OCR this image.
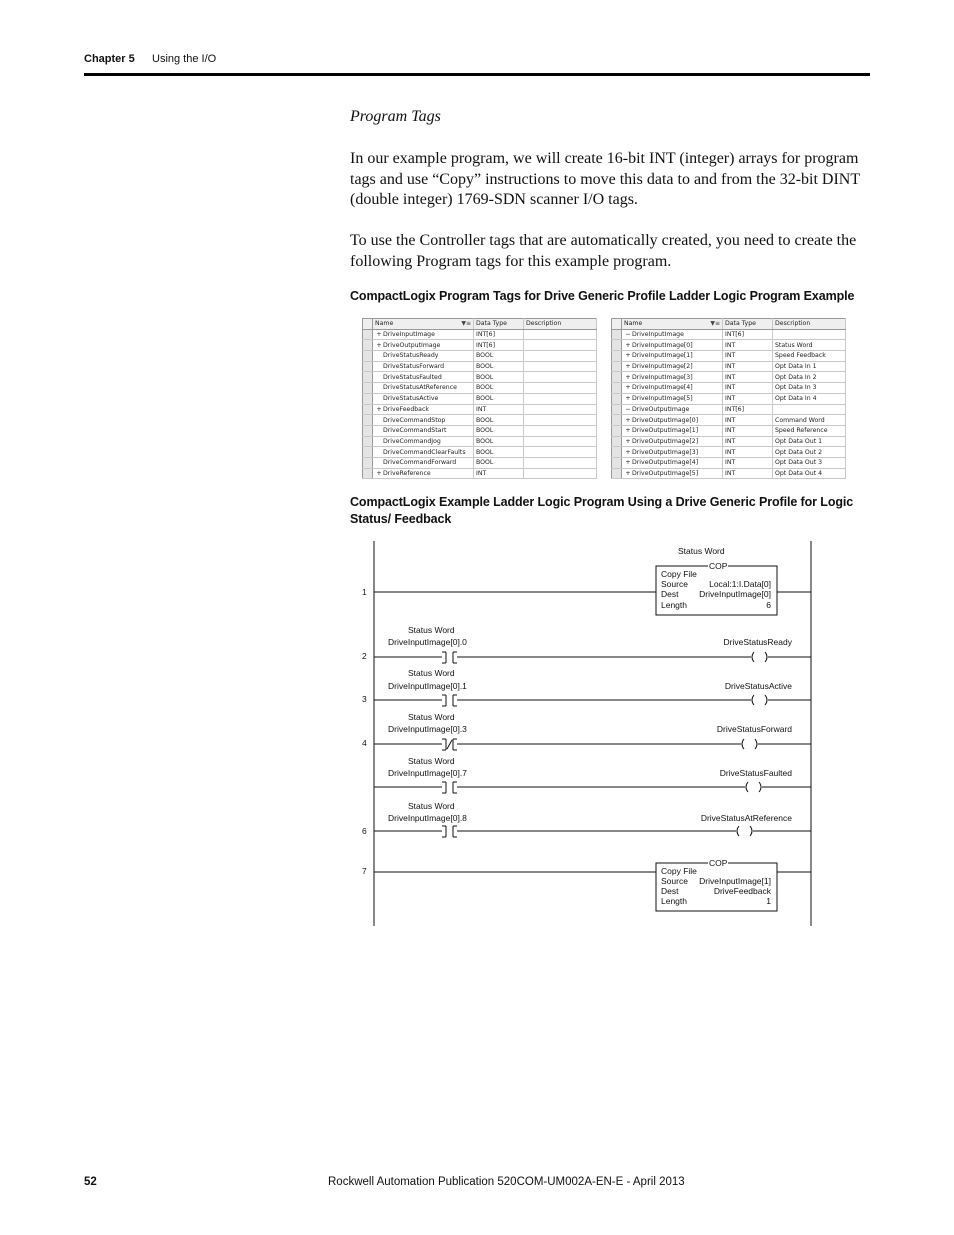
Chapter 5 Using the I/O
Program Tags

In our example program, we will create 16-bit INT (integer) arrays for program tags and use “Copy” instructions to move this data to and from the 32-bit DINT (double integer) 1769-SDN scanner I/O tags.

To use the Controller tags that are automatically created, you need to create the following Program tags for this example program.

CompactLogix Program Tags for Drive Generic Profile Ladder Logic Program Example

	Name ▼≡	Data Type	Description
	+DriveInputImage	INT[6]	
	+DriveOutputImage	INT[6]	
	DriveStatusReady	BOOL	
	DriveStatusForward	BOOL	
	DriveStatusFaulted	BOOL	
	DriveStatusAtReference	BOOL	
	DriveStatusActive	BOOL	
	+DriveFeedback	INT	
	DriveCommandStop	BOOL	
	DriveCommandStart	BOOL	
	DriveCommandJog	BOOL	
	DriveCommandClearFaults	BOOL	
	DriveCommandForward	BOOL	
	+DriveReference	INT	
	Name ▼≡	Data Type	Description
	−DriveInputImage	INT[6]	
	+DriveInputImage[0]	INT	Status Word
	+DriveInputImage[1]	INT	Speed Feedback
	+DriveInputImage[2]	INT	Opt Data In 1
	+DriveInputImage[3]	INT	Opt Data In 2
	+DriveInputImage[4]	INT	Opt Data In 3
	+DriveInputImage[5]	INT	Opt Data In 4
	−DriveOutputImage	INT[6]	
	+DriveOutputImage[0]	INT	Command Word
	+DriveOutputImage[1]	INT	Speed Reference
	+DriveOutputImage[2]	INT	Opt Data Out 1
	+DriveOutputImage[3]	INT	Opt Data Out 2
	+DriveOutputImage[4]	INT	Opt Data Out 3
	+DriveOutputImage[5]	INT	Opt Data Out 4

CompactLogix Example Ladder Logic Program Using a Drive Generic Profile for Logic Status/ Feedback

1
Status Word
COP
Copy File
Source Local:1:I.Data[0]
Dest DriveInputImage[0]
Length	6
2
Status Word
DriveInputImage[0].0	DriveStatusReady
3
Status Word
DriveInputImage[0].1	DriveStatusActive
4
Status Word
DriveInputImage[0].3	DriveStatusForward
Status Word
DriveInputImage[0].7	DriveStatusFaulted
6
Status Word
DriveInputImage[0].8	DriveStatusAtReference
7
COP
Copy File
Source DriveInputImage[1]
Dest	DriveFeedback
Length	1
52	Rockwell Automation Publication 520COM-UM002A-EN-E - April 2013
